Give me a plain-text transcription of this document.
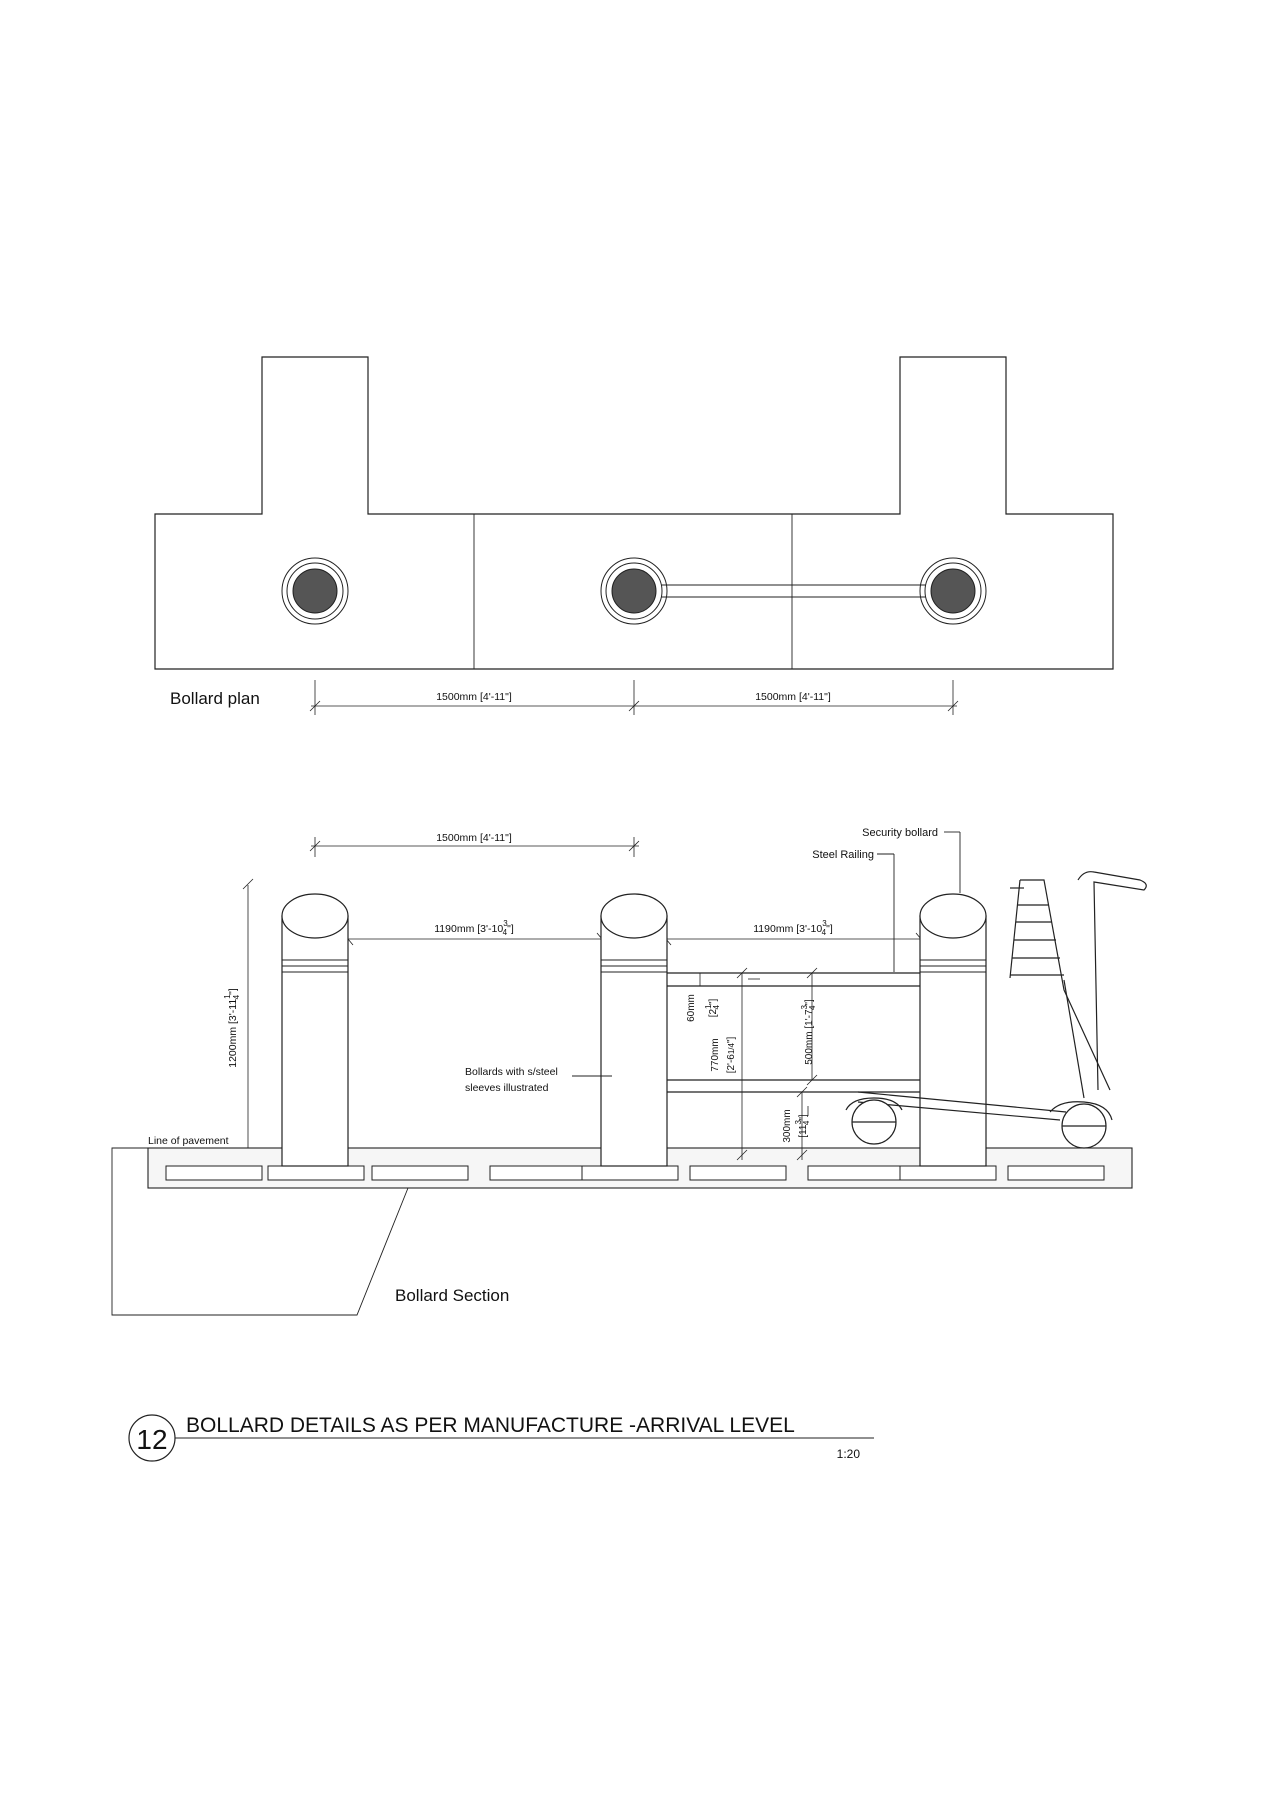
1500mm [4'-11"]	1500mm [4'-11"]
Bollard plan
1500mm [4'-11"]
1190mm [$3'-10^3$ 4"]	1190mm [$3'-10^3$ 4"]
1200mm $[3'-11^14"]$
60mm	$[2^14"]$
770mm [2'-61/4"]	500mm $[1'-7^34"]$
300mm $[11^34"]$
Security bollard
Steel Railing
Bollards with s/steel
sleeves illustrated
Line of pavement
Bollard Section
12 BOLLARD DETAILS AS PER MANUFACTURE -ARRIVAL LEVEL
1:20
